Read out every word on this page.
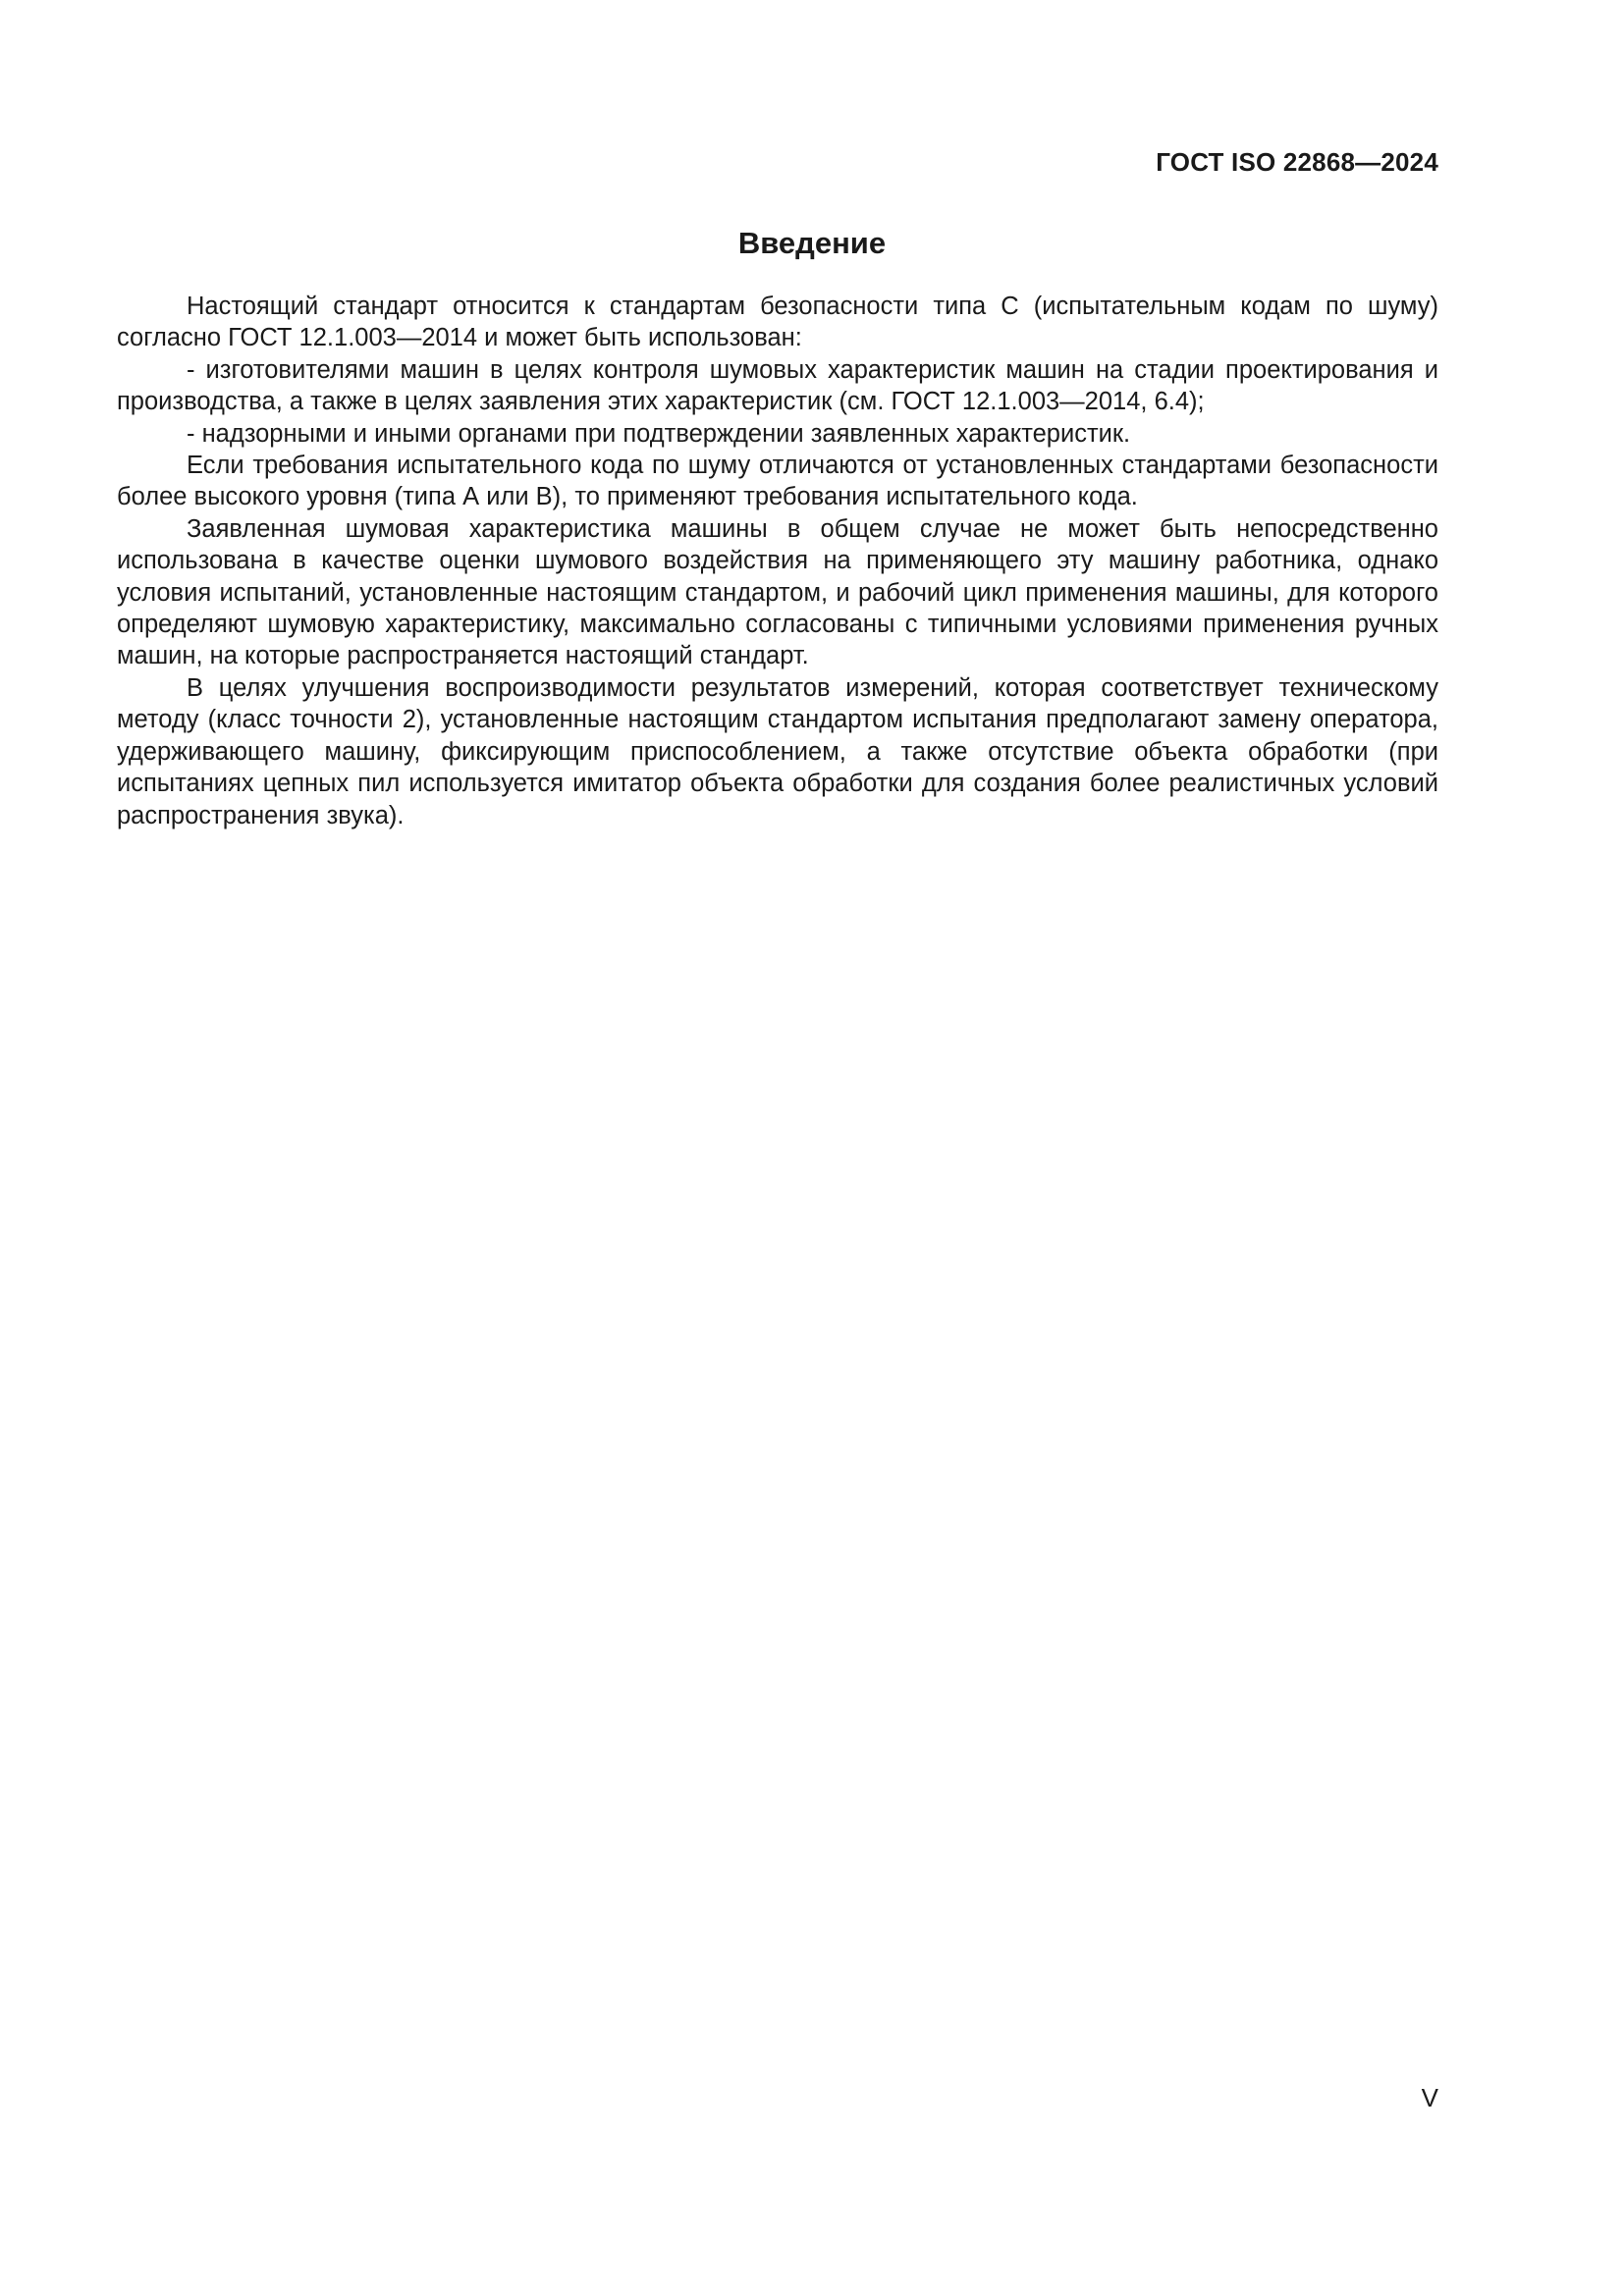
ГОСТ ISO 22868—2024
Введение

Настоящий стандарт относится к стандартам безопасности типа С (испытательным кодам по шуму) согласно ГОСТ 12.1.003—2014 и может быть использован:

- изготовителями машин в целях контроля шумовых характеристик машин на стадии проектирования и производства, а также в целях заявления этих характеристик (см. ГОСТ 12.1.003—2014, 6.4);

- надзорными и иными органами при подтверждении заявленных характеристик.

Если требования испытательного кода по шуму отличаются от установленных стандартами безопасности более высокого уровня (типа А или В), то применяют требования испытательного кода.

Заявленная шумовая характеристика машины в общем случае не может быть непосредственно использована в качестве оценки шумового воздействия на применяющего эту машину работника, однако условия испытаний, установленные настоящим стандартом, и рабочий цикл применения машины, для которого определяют шумовую характеристику, максимально согласованы с типичными условиями применения ручных машин, на которые распространяется настоящий стандарт.

В целях улучшения воспроизводимости результатов измерений, которая соответствует техническому методу (класс точности 2), установленные настоящим стандартом испытания предполагают замену оператора, удерживающего машину, фиксирующим приспособлением, а также отсутствие объекта обработки (при испытаниях цепных пил используется имитатор объекта обработки для создания более реалистичных условий распространения звука).

V
